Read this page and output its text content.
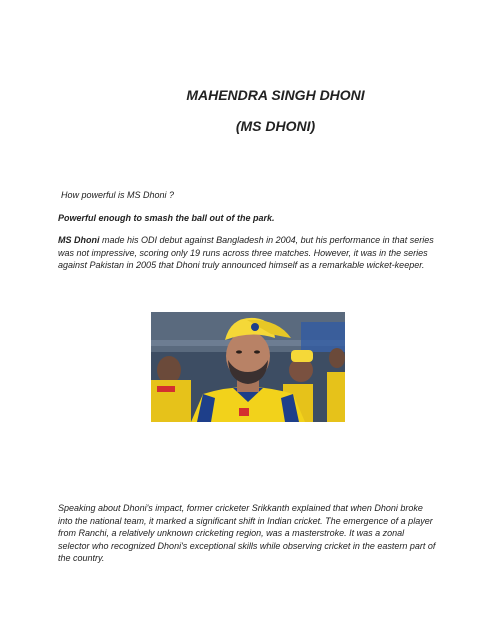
MAHENDRA SINGH DHONI
(MS DHONI)

How powerful is MS Dhoni ?

Powerful enough to smash the ball out of the park.

MS Dhoni made his ODI debut against Bangladesh in 2004, but his performance in that series was not impressive, scoring only 19 runs across three matches. However, it was in the series against Pakistan in 2005 that Dhoni truly announced himself as a remarkable wicket-keeper.

Speaking about Dhoni's impact, former cricketer Srikkanth explained that when Dhoni broke into the national team, it marked a significant shift in Indian cricket. The emergence of a player from Ranchi, a relatively unknown cricketing region, was a masterstroke. It was a zonal selector who recognized Dhoni's exceptional skills while observing cricket in the eastern part of the country.
